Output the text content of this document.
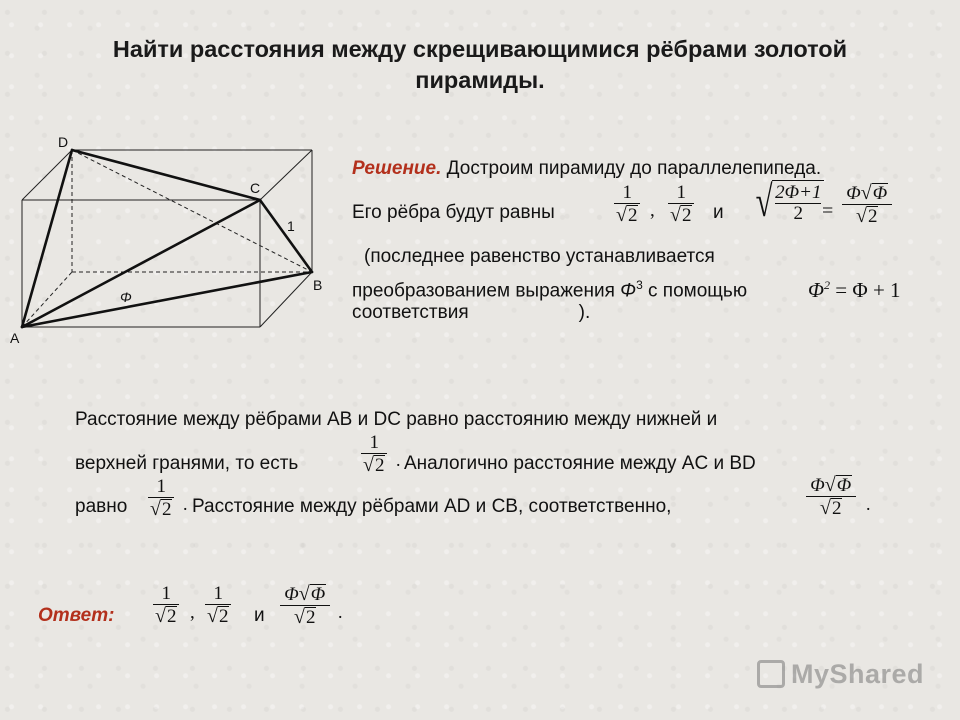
Найти расстояния между скрещивающимися рёбрами золотой
пирамиды.
D
C
B
A
1
Φ
Решение. Достроим пирамиду до параллелепипеда.
Его рёбра будут равны	$\frac{1}{√ 2}$ , $\frac{1}{√ 2}$ и √ 2Φ+1
$2 = \frac{\Phi √ \Phi}{√ 2}$
(последнее равенство устанавливается
преобразованием выражения $\Phi^3$ с помощью	$\Phi^2 = \Phi + 1$
соответствия	).
Расстояние между рёбрами AB и DC равно расстоянию между нижней и
верхней гранями, то есть	$\frac{1}{√ 2}$ . Аналогично расстояние между AC и BD
равно $\frac{1}{√ 2}$ . Расстояние между рёбрами AD и CB, соответственно,	$\frac{\Phi √ \Phi}{√ 2}$ .
Ответ: $\frac{1}{√ 2}$ , $\frac{1}{√ 2}$ и $\frac{\Phi √ \Phi}{√ 2}$ .
MyShared
